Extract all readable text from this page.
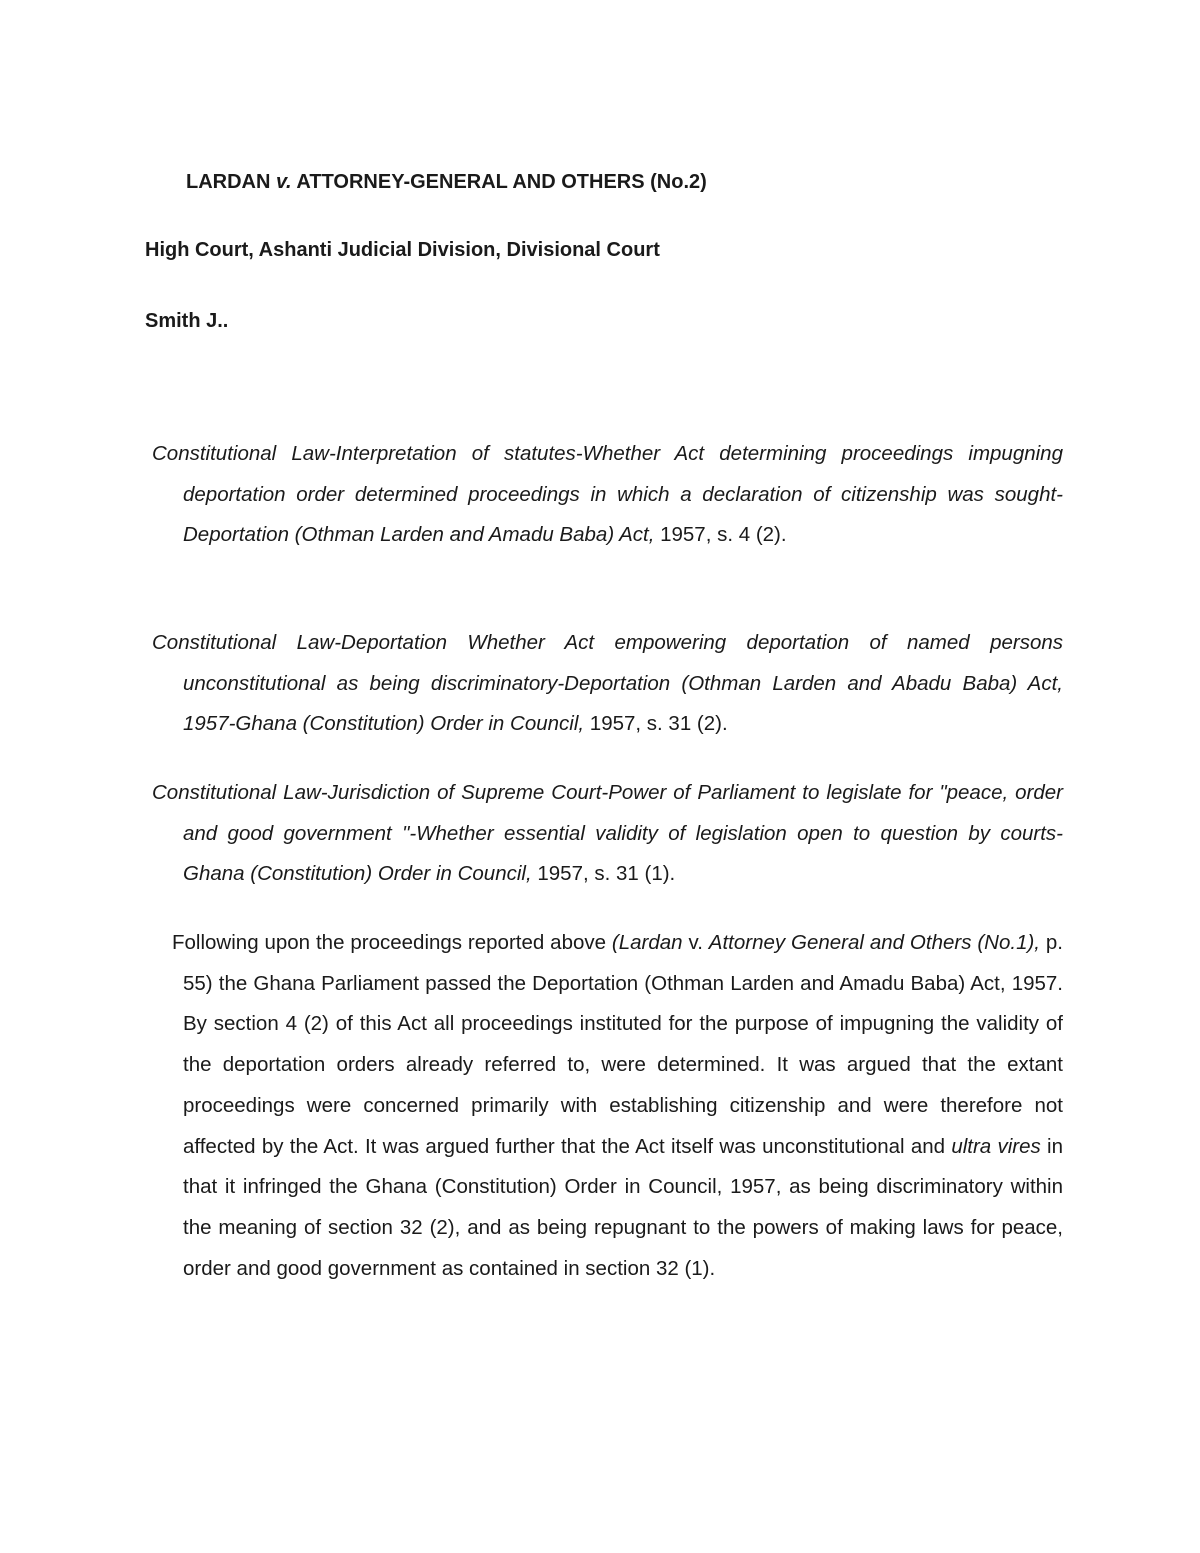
LARDAN v. ATTORNEY-GENERAL AND OTHERS (No.2)
High Court, Ashanti Judicial Division, Divisional Court
Smith J..

Constitutional Law-Interpretation of statutes-Whether Act determining proceedings impugning deportation order determined proceedings in which a declaration of citizenship was sought-Deportation (Othman Larden and Amadu Baba) Act, 1957, s. 4 (2).

Constitutional Law-Deportation Whether Act empowering deportation of named persons unconstitutional as being discriminatory-Deportation (Othman Larden and Abadu Baba) Act, 1957-Ghana (Constitution) Order in Council, 1957, s. 31 (2).

Constitutional Law-Jurisdiction of Supreme Court-Power of Parliament to legislate for "peace, order and good government "-Whether essential validity of legislation open to question by courts-Ghana (Constitution) Order in Council, 1957, s. 31 (1).

Following upon the proceedings reported above (Lardan v. Attorney General and Others (No.1), p. 55) the Ghana Parliament passed the Deportation (Othman Larden and Amadu Baba) Act, 1957. By section 4 (2) of this Act all proceedings instituted for the purpose of impugning the validity of the deportation orders already referred to, were determined. It was argued that the extant proceedings were concerned primarily with establishing citizenship and were therefore not affected by the Act. It was argued further that the Act itself was unconstitutional and ultra vires in that it infringed the Ghana (Constitution) Order in Council, 1957, as being discriminatory within the meaning of section 32 (2), and as being repugnant to the powers of making laws for peace, order and good government as contained in section 32 (1).
